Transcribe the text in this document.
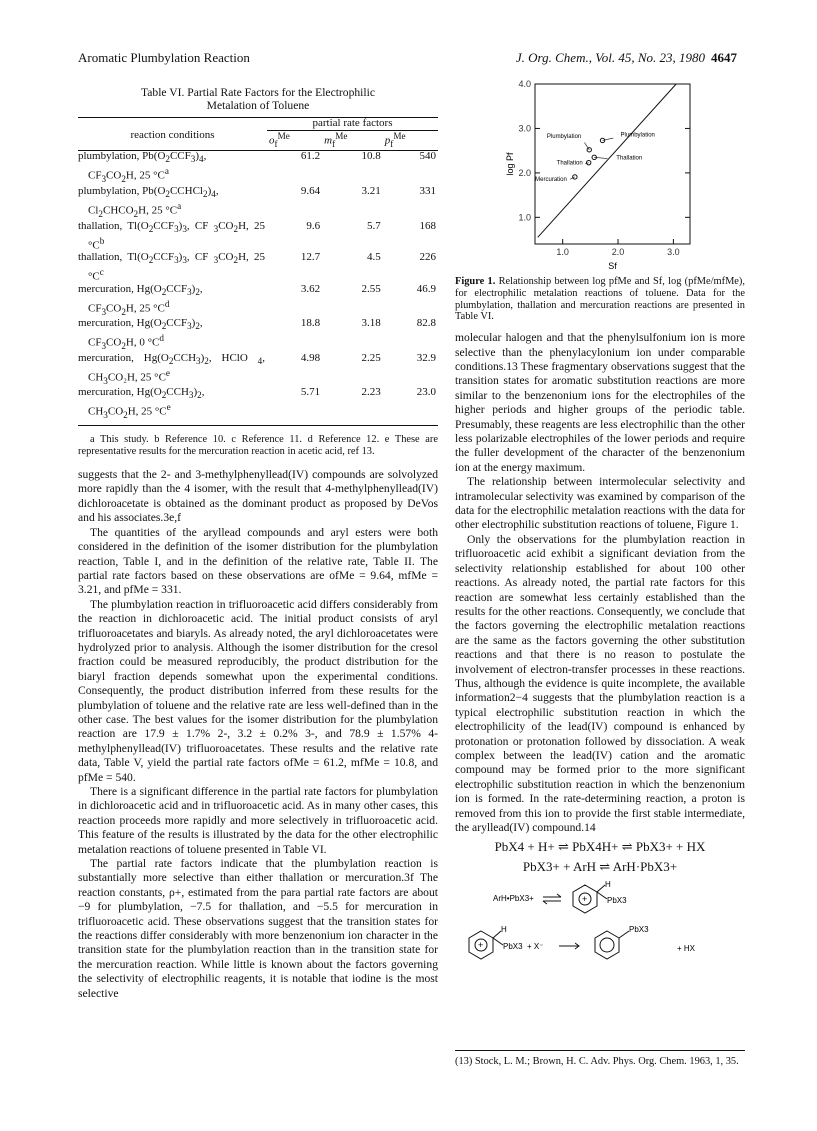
Aromatic Plumbylation Reaction	J. Org. Chem., Vol. 45, No. 23, 1980 4647
Table VI. Partial Rate Factors for the Electrophilic
Metalation of Toluene
	partial rate factors		
reaction conditions	$o_f^{Me}$	$m_f^{Me}$	$p_f^{Me}$
plumbylation, $Pb(O_2CCF_3)_4$,
$CF_3CO_2H$, 25 $^\circ C^a$	61.2	10.8	540
plumbylation, $Pb(O_2CCHCl_2)_4$,
$Cl_2CHCO_2H$, 25 $^\circ C^a$	9.64	3.21	331
thallation, $Tl(O_2CCF_3)_3$, CF $_3CO_2H$, 25 $^\circ C^b$	9.6	5.7	168
thallation, $Tl(O_2CCF_3)_3$, CF $_3CO_2H$, 25 $^\circ C^c$	12.7	4.5	226
mercuration, $Hg(O_2CCF_3)_2$,
$CF_3CO_2H$, 25 $^\circ C^d$	3.62	2.55	46.9
mercuration, $Hg(O_2CCF_3)_2$,
$CF_3CO_2H$, 0 $^\circ C^d$	18.8	3.18	82.8
mercuration, $Hg(O_2CCH_3)_2$, HClO $_4$, $CH_3CO_2H$, 25 °Ce	4.98	2.25	32.9
mercuration, $Hg(O_2CCH_3)_2$,
$CH_3CO_2H$, 25 °Ce	5.71	2.23	23.0
a This study. b Reference 10. c Reference 11. d Reference 12. e These are representative results for the mercuration reaction in acetic acid, ref 13.

suggests that the 2- and 3-methylphenyllead(IV) compounds are solvolyzed more rapidly than the 4 isomer, with the result that 4-methylphenyllead(IV) dichloroacetate is obtained as the dominant product as proposed by DeVos and his associates.3e,f

The quantities of the aryllead compounds and aryl esters were both considered in the definition of the isomer distribution for the plumbylation reaction, Table I, and in the definition of the relative rate, Table II. The partial rate factors based on these observations are ofMe = 9.64, mfMe = 3.21, and pfMe = 331.

The plumbylation reaction in trifluoroacetic acid differs considerably from the reaction in dichloroacetic acid. The initial product consists of aryl trifluoroacetates and biaryls. As already noted, the aryl dichloroacetates were hydrolyzed prior to analysis. Although the isomer distribution for the cresol fraction could be measured reproducibly, the product distribution for the biaryl fraction depends somewhat upon the experimental conditions. Consequently, the product distribution inferred from these results for the plumbylation of toluene and the relative rate are less well-defined than in the other case. The best values for the isomer distribution for the plumbylation reaction are 17.9 ± 1.7% 2-, 3.2 ± 0.2% 3-, and 78.9 ± 1.57% 4-methylphenyllead(IV) trifluoroacetates. These results and the relative rate data, Table V, yield the partial rate factors ofMe = 61.2, mfMe = 10.8, and pfMe = 540.

There is a significant difference in the partial rate factors for plumbylation in dichloroacetic acid and in trifluoroacetic acid. As in many other cases, this reaction proceeds more rapidly and more selectively in trifluoroacetic acid. This feature of the results is illustrated by the data for the other electrophilic metalation reactions of toluene presented in Table VI.

The partial rate factors indicate that the plumbylation reaction is substantially more selective than either thallation or mercuration.3f The reaction constants, ρ+, estimated from the para partial rate factors are about −9 for plumbylation, −7.5 for thallation, and −5.5 for mercuration in trifluoroacetic acid. These observations suggest that the transition states for the reactions differ considerably with more benzenonium ion character in the transition state for the plumbylation reaction than in the transition state for the mercuration reaction. While little is known about the factors governing the selectivity of electrophilic reagents, it is notable that iodine is the most selective

1.0
2.0
3.0
4.0
1.0	2.0	3.0
Sf
log Pf
Plumbylation
Plumbylation
Thallation
Thallation
Mercuration
Figure 1. Relationship between log pfMe and Sf, log (pfMe/mfMe), for electrophilic metalation reactions of toluene. Data for the plumbylation, thallation and mercuration reactions are presented in Table VI.

molecular halogen and that the phenylsulfonium ion is more selective than the phenylacylonium ion under comparable conditions.13 These fragmentary observations suggest that the transition states for aromatic substitution reactions are more similar to the benzenonium ions for the electrophiles of the higher periods and higher groups of the periodic table. Presumably, these reagents are less electrophilic than the other less polarizable electrophiles of the lower periods and require the fuller development of the character of the benzenonium ion at the energy maximum.

The relationship between intermolecular selectivity and intramolecular selectivity was examined by comparison of the data for the electrophilic metalation reactions with the data for other electrophilic substitution reactions of toluene, Figure 1.

Only the observations for the plumbylation reaction in trifluoroacetic acid exhibit a significant deviation from the selectivity relationship established for about 100 other reactions. As already noted, the partial rate factors for this reaction are somewhat less certainly established than the results for the other reactions. Consequently, we conclude that the factors governing the electrophilic metalation reactions are the same as the factors governing the other substitution reactions and that there is no reason to postulate the involvement of electron-transfer processes in these reactions. Thus, although the evidence is quite incomplete, the available information2−4 suggests that the plumbylation reaction is a typical electrophilic substitution reaction in which the electrophilicity of the lead(IV) compound is enhanced by protonation or protonation followed by dissociation. A weak complex between the lead(IV) cation and the aromatic compound may be formed prior to the more significant electrophilic substitution reaction in which the benzenonium ion is formed. In the rate-determining reaction, a proton is removed from this ion to provide the first stable intermediate, the aryllead(IV) compound.14

PbX4 + H+ ⇌ PbX4H+ ⇌ PbX3+ + HX
PbX3+ + ArH ⇌ ArH·PbX3+
ArH•PbX3+	+
H
PbX3
+
H
PbX3 + X⁻
PbX3
+ HX
(13) Stock, L. M.; Brown, H. C. Adv. Phys. Org. Chem. 1963, 1, 35.
